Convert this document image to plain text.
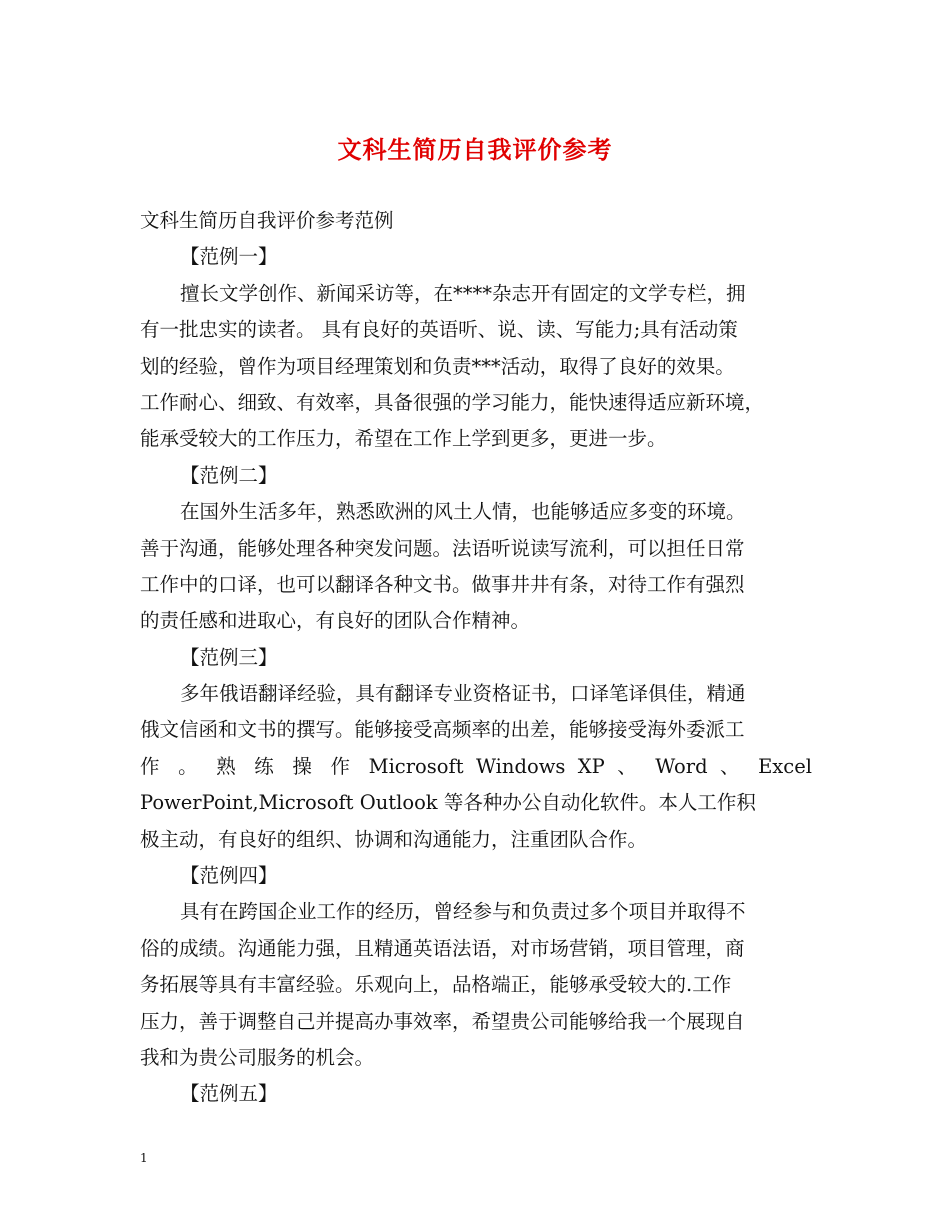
文科生简历自我评价参考
文科生简历自我评价参考范例
【范例一】
擅长文学创作、新闻采访等，在****杂志开有固定的文学专栏，拥
有一批忠实的读者。 具有良好的英语听、说、读、写能力;具有活动策
划的经验，曾作为项目经理策划和负责***活动，取得了良好的效果。
工作耐心、细致、有效率，具备很强的学习能力，能快速得适应新环境，
能承受较大的工作压力，希望在工作上学到更多，更进一步。
【范例二】
在国外生活多年，熟悉欧洲的风土人情，也能够适应多变的环境。
善于沟通，能够处理各种突发问题。法语听说读写流利，可以担任日常
工作中的口译，也可以翻译各种文书。做事井井有条，对待工作有强烈
的责任感和进取心，有良好的团队合作精神。
【范例三】
多年俄语翻译经验，具有翻译专业资格证书，口译笔译俱佳，精通
俄文信函和文书的撰写。能够接受高频率的出差，能够接受海外委派工
作 。 熟 练 操 作 Microsoft Windows XP 、 Word 、 Excel
PowerPoint,Microsoft Outlook 等各种办公自动化软件。本人工作积
极主动，有良好的组织、协调和沟通能力，注重团队合作。
【范例四】
具有在跨国企业工作的经历，曾经参与和负责过多个项目并取得不
俗的成绩。沟通能力强，且精通英语法语，对市场营销，项目管理，商
务拓展等具有丰富经验。乐观向上，品格端正，能够承受较大的.工作
压力，善于调整自己并提高办事效率，希望贵公司能够给我一个展现自
我和为贵公司服务的机会。
【范例五】
1
